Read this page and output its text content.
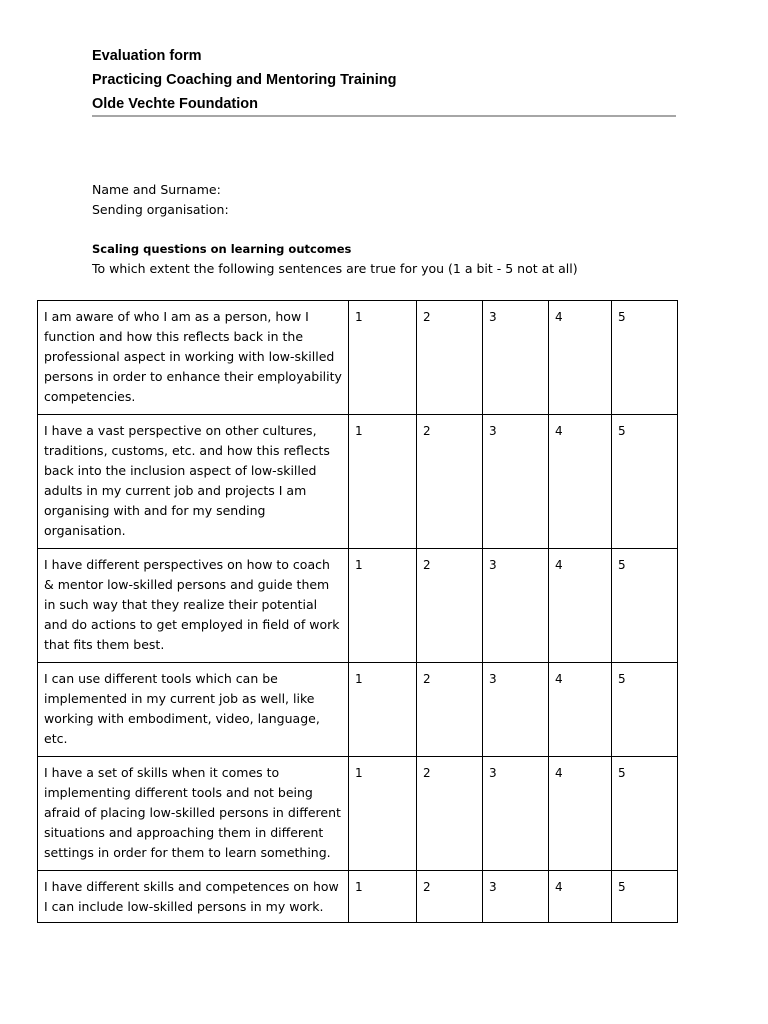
Evaluation form
Practicing Coaching and Mentoring Training
Olde Vechte Foundation
Name and Surname:
Sending organisation:
Scaling questions on learning outcomes
To which extent the following sentences are true for you (1 a bit - 5 not at all)
I am aware of who I am as a person, how I function and how this reflects back in the professional aspect in working with low-skilled persons in order to enhance their employability competencies.	1	2	3	4	5
I have a vast perspective on other cultures, traditions, customs, etc. and how this reflects back into the inclusion aspect of low-skilled adults in my current job and projects I am organising with and for my sending organisation.	1	2	3	4	5
I have different perspectives on how to coach & mentor low-skilled persons and guide them in such way that they realize their potential and do actions to get employed in field of work that fits them best.	1	2	3	4	5
I can use different tools which can be implemented in my current job as well, like working with embodiment, video, language, etc.	1	2	3	4	5
I have a set of skills when it comes to implementing different tools and not being afraid of placing low-skilled persons in different situations and approaching them in different settings in order for them to learn something.	1	2	3	4	5
I have different skills and competences on how I can include low-skilled persons in my work.	1	2	3	4	5
